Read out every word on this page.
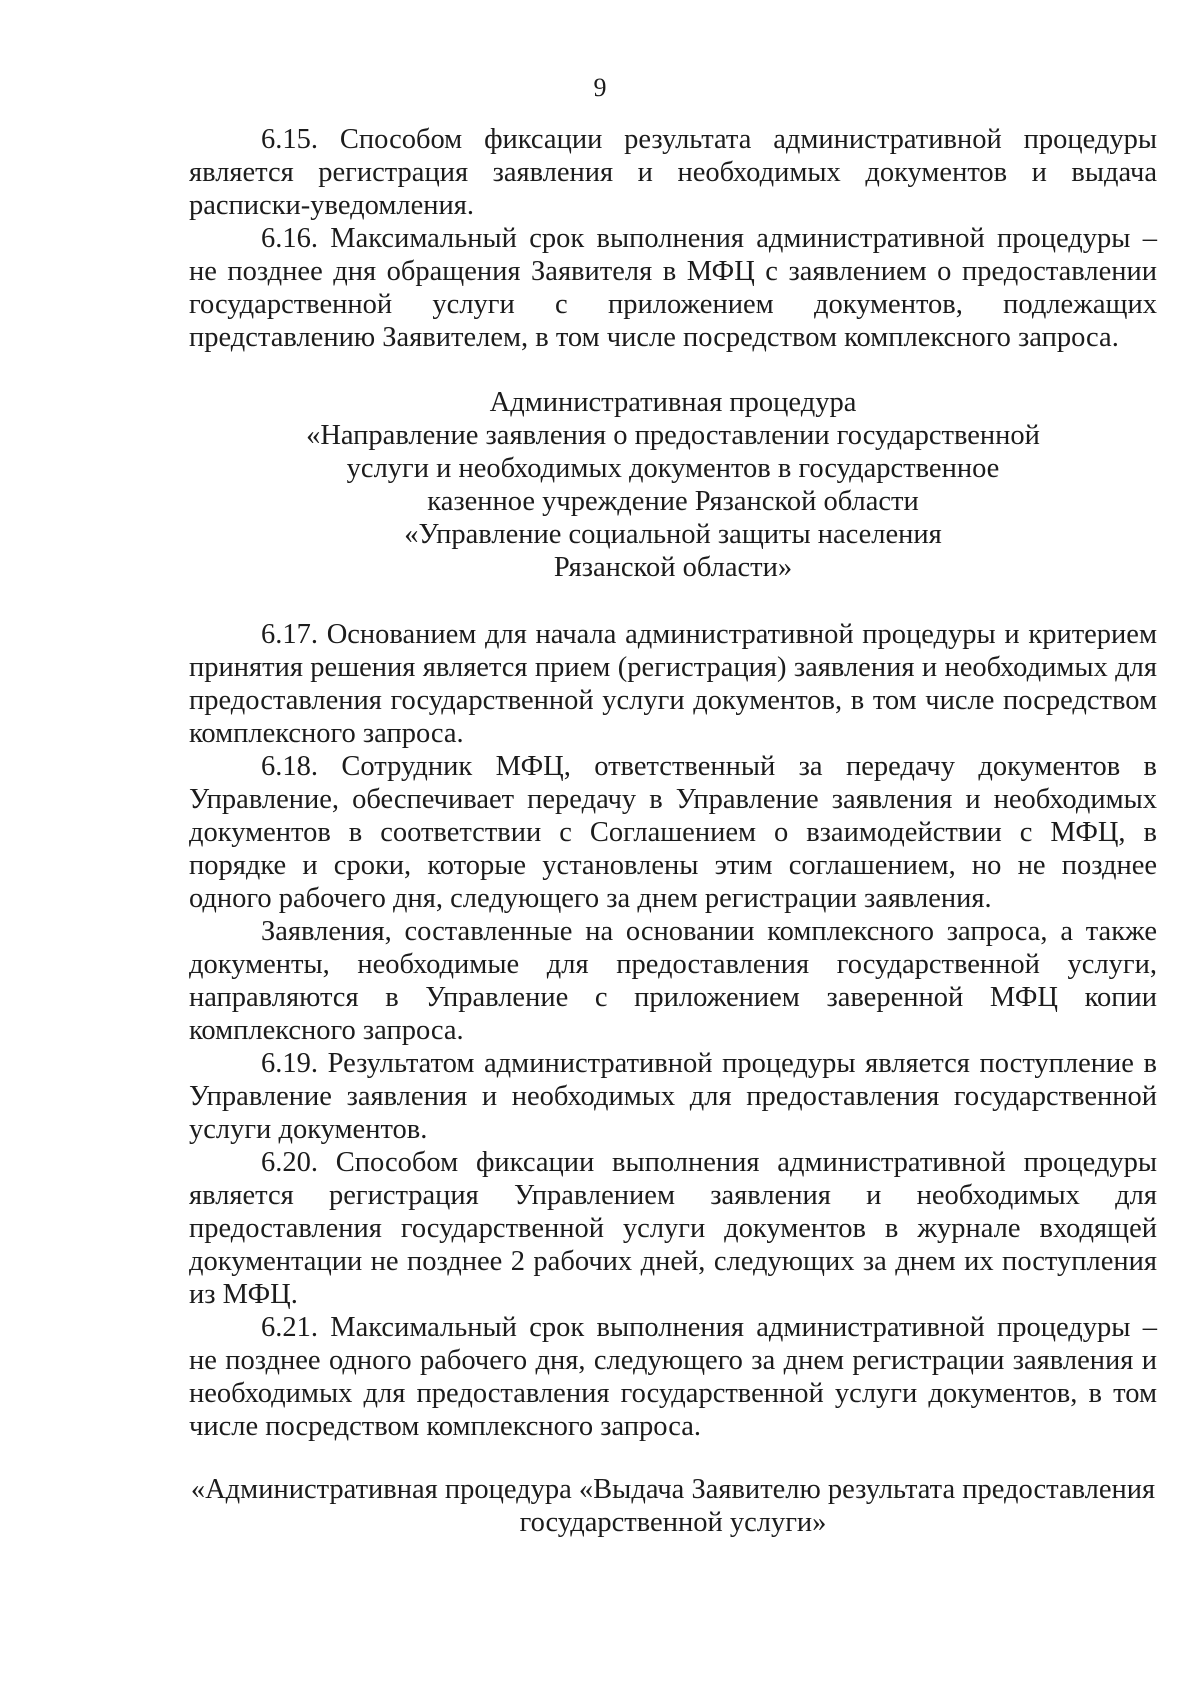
9

6.15. Способом фиксации результата административной процедуры является регистрация заявления и необходимых документов и выдача расписки-уведомления.

6.16. Максимальный срок выполнения административной процедуры – не позднее дня обращения Заявителя в МФЦ с заявлением о предоставлении государственной услуги с приложением документов, подлежащих представлению Заявителем, в том числе посредством комплексного запроса.

Административная процедура
«Направление заявления о предоставлении государственной
услуги и необходимых документов в государственное
казенное учреждение Рязанской области
«Управление социальной защиты населения
Рязанской области»

6.17. Основанием для начала административной процедуры и критерием принятия решения является прием (регистрация) заявления и необходимых для предоставления государственной услуги документов, в том числе посредством комплексного запроса.

6.18. Сотрудник МФЦ, ответственный за передачу документов в Управление, обеспечивает передачу в Управление заявления и необходимых документов в соответствии с Соглашением о взаимодействии с МФЦ, в порядке и сроки, которые установлены этим соглашением, но не позднее одного рабочего дня, следующего за днем регистрации заявления.

Заявления, составленные на основании комплексного запроса, а также документы, необходимые для предоставления государственной услуги, направляются в Управление с приложением заверенной МФЦ копии комплексного запроса.

6.19. Результатом административной процедуры является поступление в Управление заявления и необходимых для предоставления государственной услуги документов.

6.20. Способом фиксации выполнения административной процедуры является регистрация Управлением заявления и необходимых для предоставления государственной услуги документов в журнале входящей документации не позднее 2 рабочих дней, следующих за днем их поступления из МФЦ.

6.21. Максимальный срок выполнения административной процедуры – не позднее одного рабочего дня, следующего за днем регистрации заявления и необходимых для предоставления государственной услуги документов, в том числе посредством комплексного запроса.

«Административная процедура «Выдача Заявителю результата предоставления
государственной услуги»
